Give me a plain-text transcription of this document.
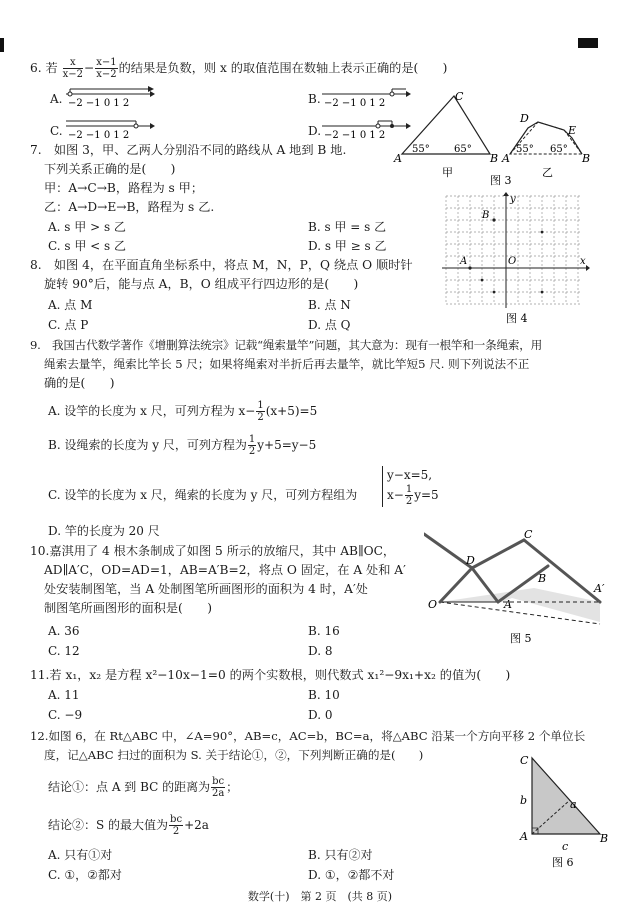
6. 若 $\frac{x}{x-2} - \frac{x-1}{x-2}$ 的结果是负数，则 x 的取值范围在数轴上表示正确的是(　　)
A. −2 −1 0 1 2	B. −2 −1 0 1 2
C. −2 −1 0 1 2	D. −2 −1 0 1 2
A	B
C
55° 65°
甲
A	B
D
E
55° 65°
乙
图 3
7.　如图 3，甲、乙两人分别沿不同的路线从 A 地到 B 地.
下列关系正确的是(　　)
甲：A→C→B，路程为 s 甲；
乙：A→D→E→B，路程为 s 乙.
A. s 甲 > s 乙	B. s 甲 = s 乙
C. s 甲 < s 乙	D. s 甲 ≥ s 乙
x
y
O
B
A
图 4
8.　如图 4，在平面直角坐标系中，将点 M，N，P，Q 绕点 O 顺时针
旋转 90°后，能与点 A，B，O 组成平行四边形的是(　　)
A. 点 M	B. 点 N
C. 点 P	D. 点 Q
9.　我国古代数学著作《增删算法统宗》记载“绳索量竿”问题，其大意为：现有一根竿和一条绳索，用
绳索去量竿，绳索比竿长 5 尺；如果将绳索对半折后再去量竿，就比竿短5 尺. 则下列说法不正
确的是(　　)
A. 设竿的长度为 x 尺，可列方程为 $x- \frac{1}{2} (x+5)=5$
B. 设绳索的长度为 y 尺，可列方程为 $\frac{1}{2} y+5=y-5$
C. 设竿的长度为 x 尺，绳索的长度为 y 尺，可列方程组为
y−x=5,
$x- \frac{1}{2} y=5$
D. 竿的长度为 20 尺
10.嘉淇用了 4 根木条制成了如图 5 所示的放缩尺，其中 AB∥OC，
AD∥A′C，OD=AD=1，AB=A′B=2，将点 O 固定，在 A 处和 A′
处安装制图笔，当 A 处制图笔所画图形的面积为 4 时，A′处
制图笔所画图形的面积是(　　)
A. 36	B. 16
C. 12	D. 8
O
D
C
B
A
A′
图 5
11.若 x₁，x₂ 是方程 x²−10x−1=0 的两个实数根，则代数式 x₁²−9x₁+x₂ 的值为(　　)
A. 11	B. 10
C. −9	D. 0
12.如图 6，在 Rt△ABC 中，∠A=90°，AB=c，AC=b，BC=a，将△ABC 沿某一个方向平移 2 个单位长
度，记△ABC 扫过的面积为 S. 关于结论①，②，下列判断正确的是(　　)
结论①：点 A 到 BC 的距离为 $\frac{bc}{2a}$ ；
结论②：S 的最大值为 $\frac{bc}{2} +2a$
A. 只有①对	B. 只有②对
C. ①，②都对	D. ①，②都不对
C
A	B
b	a
c
图 6
数学(十)　第 2 页　(共 8 页)
